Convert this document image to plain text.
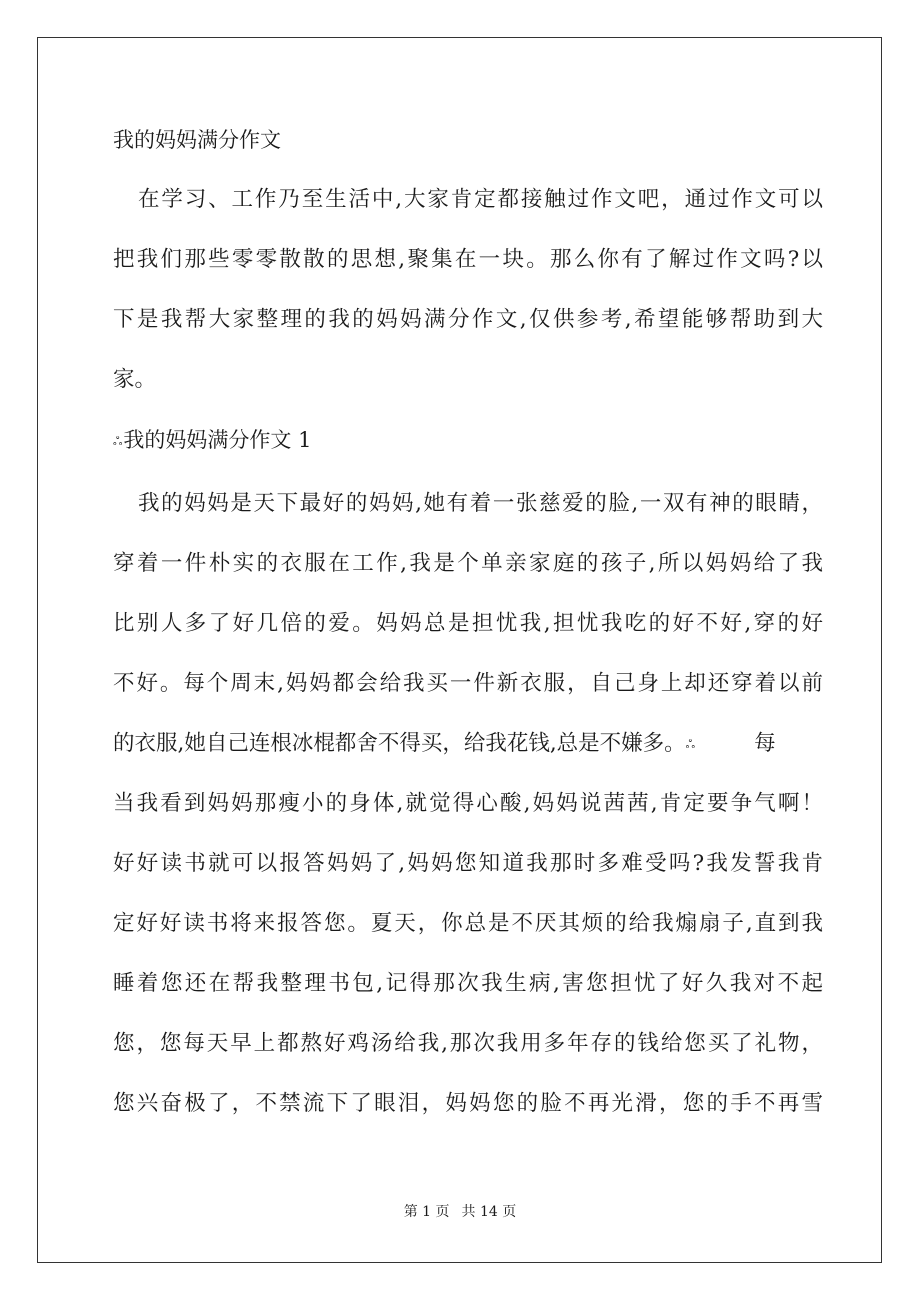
我的妈妈满分作文
在学习、工作乃至生活中,大家肯定都接触过作文吧，通过作文可以
把我们那些零零散散的思想,聚集在一块。那么你有了解过作文吗?以
下是我帮大家整理的我的妈妈满分作文,仅供参考,希望能够帮助到大
家。
ஃ我的妈妈满分作文 1
我的妈妈是天下最好的妈妈,她有着一张慈爱的脸,一双有神的眼睛，
穿着一件朴实的衣服在工作,我是个单亲家庭的孩子,所以妈妈给了我
比别人多了好几倍的爱。妈妈总是担忧我,担忧我吃的好不好,穿的好
不好。每个周末,妈妈都会给我买一件新衣服，自己身上却还穿着以前
的衣服,她自己连根冰棍都舍不得买，给我花钱,总是不嫌多。ஃ	每
当我看到妈妈那瘦小的身体,就觉得心酸,妈妈说茜茜,肯定要争气啊！
好好读书就可以报答妈妈了,妈妈您知道我那时多难受吗?我发誓我肯
定好好读书将来报答您。夏天，你总是不厌其烦的给我煽扇子,直到我
睡着您还在帮我整理书包,记得那次我生病,害您担忧了好久我对不起
您，您每天早上都熬好鸡汤给我,那次我用多年存的钱给您买了礼物，
您兴奋极了，不禁流下了眼泪，妈妈您的脸不再光滑，您的手不再雪
第 1 页 共 14 页
